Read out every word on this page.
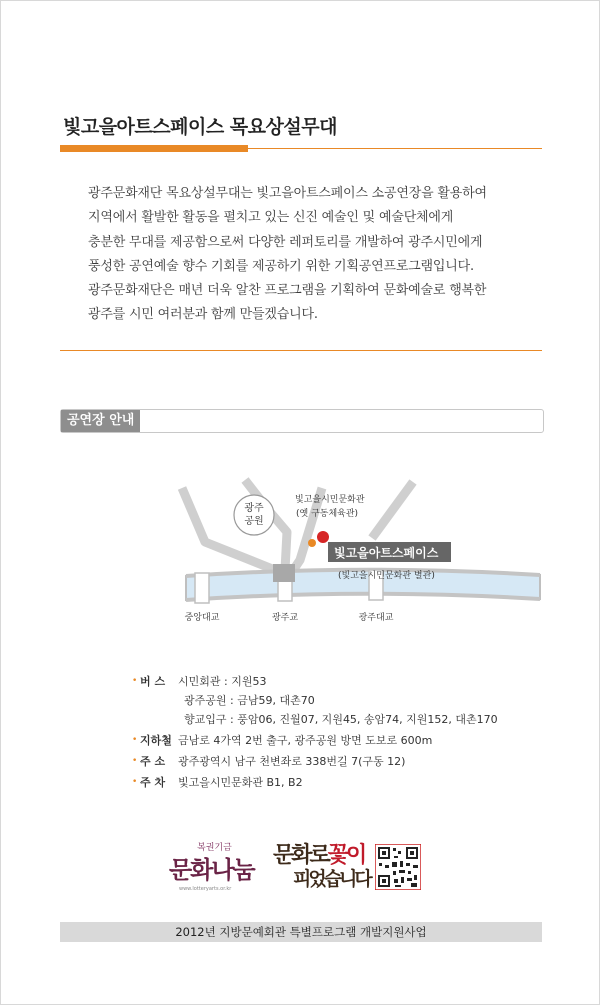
빛고을아트스페이스 목요상설무대
광주문화재단 목요상설무대는 빛고을아트스페이스 소공연장을 활용하여
지역에서 활발한 활동을 펼치고 있는 신진 예술인 및 예술단체에게
충분한 무대를 제공함으로써 다양한 레퍼토리를 개발하여 광주시민에게
풍성한 공연예술 향수 기회를 제공하기 위한 기획공연프로그램입니다.
광주문화재단은 매년 더욱 알찬 프로그램을 기획하여 문화예술로 행복한
광주를 시민 여러분과 함께 만들겠습니다.
공연장 안내
광주
공원
빛고을시민문화관
(옛 구동체육관)
빛고을아트스페이스
(빛고을시민문화관 별관)
중앙대교	광주교	광주대교
• 버 스 시민회관 : 지원53
광주공원 : 금남59, 대촌70
향교입구 : 풍암06, 진월07, 지원45, 송암74, 지원152, 대촌170
• 지하철 금남로 4가역 2번 출구, 광주공원 방면 도보로 600m
• 주 소 광주광역시 남구 천변좌로 338번길 7(구동 12)
• 주 차 빛고을시민문화관 B1, B2
복권기금
문화나눔
www.lotteryarts.or.kr
문화로꽃이
피었습니다
2012년 지방문예회관 특별프로그램 개발지원사업
